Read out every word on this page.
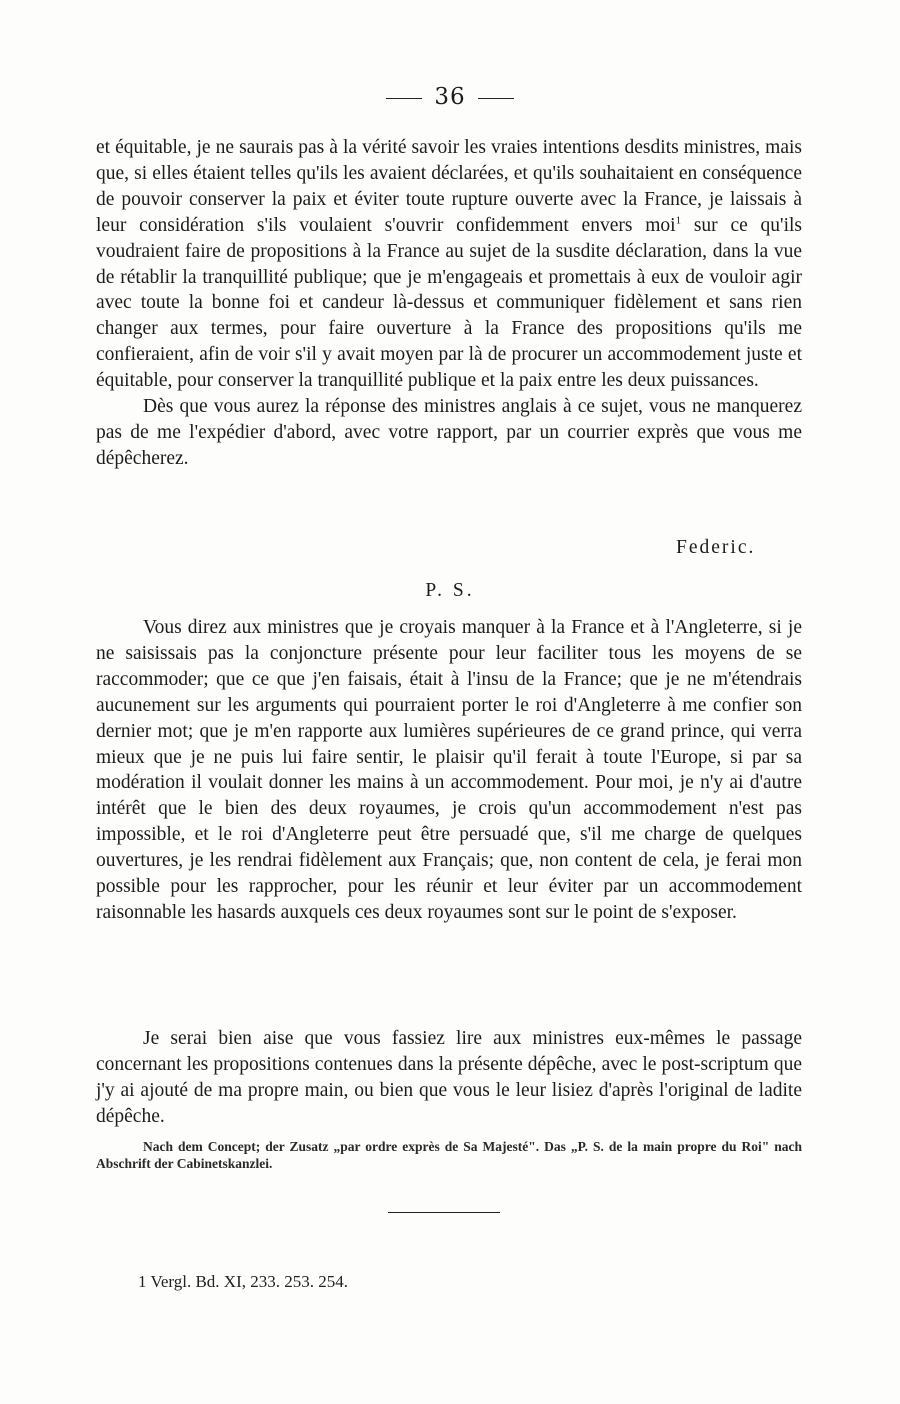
36

et équitable, je ne saurais pas à la vérité savoir les vraies intentions desdits ministres, mais que, si elles étaient telles qu'ils les avaient déclarées, et qu'ils souhaitaient en conséquence de pouvoir conserver la paix et éviter toute rupture ouverte avec la France, je laissais à leur considération s'ils voulaient s'ouvrir confidemment envers moi$^1$ sur ce qu'ils voudraient faire de propositions à la France au sujet de la susdite déclaration, dans la vue de rétablir la tranquillité publique; que je m'engageais et promettais à eux de vouloir agir avec toute la bonne foi et candeur là-dessus et communiquer fidèlement et sans rien changer aux termes, pour faire ouverture à la France des propositions qu'ils me confieraient, afin de voir s'il y avait moyen par là de procurer un accommodement juste et équitable, pour conserver la tranquillité publique et la paix entre les deux puissances.

Dès que vous aurez la réponse des ministres anglais à ce sujet, vous ne manquerez pas de me l'expédier d'abord, avec votre rapport, par un courrier exprès que vous me dépêcherez.

Federic.
P. S.

Vous direz aux ministres que je croyais manquer à la France et à l'Angleterre, si je ne saisissais pas la conjoncture présente pour leur faciliter tous les moyens de se raccommoder; que ce que j'en faisais, était à l'insu de la France; que je ne m'étendrais aucunement sur les arguments qui pourraient porter le roi d'Angleterre à me confier son dernier mot; que je m'en rapporte aux lumières supérieures de ce grand prince, qui verra mieux que je ne puis lui faire sentir, le plaisir qu'il ferait à toute l'Europe, si par sa modération il voulait donner les mains à un accommodement. Pour moi, je n'y ai d'autre intérêt que le bien des deux royaumes, je crois qu'un accommodement n'est pas impossible, et le roi d'Angleterre peut être persuadé que, s'il me charge de quelques ouvertures, je les rendrai fidèlement aux Français; que, non content de cela, je ferai mon possible pour les rapprocher, pour les réunir et leur éviter par un accommodement raisonnable les hasards auxquels ces deux royaumes sont sur le point de s'exposer.

Je serai bien aise que vous fassiez lire aux ministres eux-mêmes le passage concernant les propositions contenues dans la présente dépêche, avec le post-scriptum que j'y ai ajouté de ma propre main, ou bien que vous le leur lisiez d'après l'original de ladite dépêche.

Nach dem Concept; der Zusatz „par ordre exprès de Sa Majesté". Das „P. S. de la main propre du Roi" nach Abschrift der Cabinetskanzlei.
1 Vergl. Bd. XI, 233. 253. 254.
